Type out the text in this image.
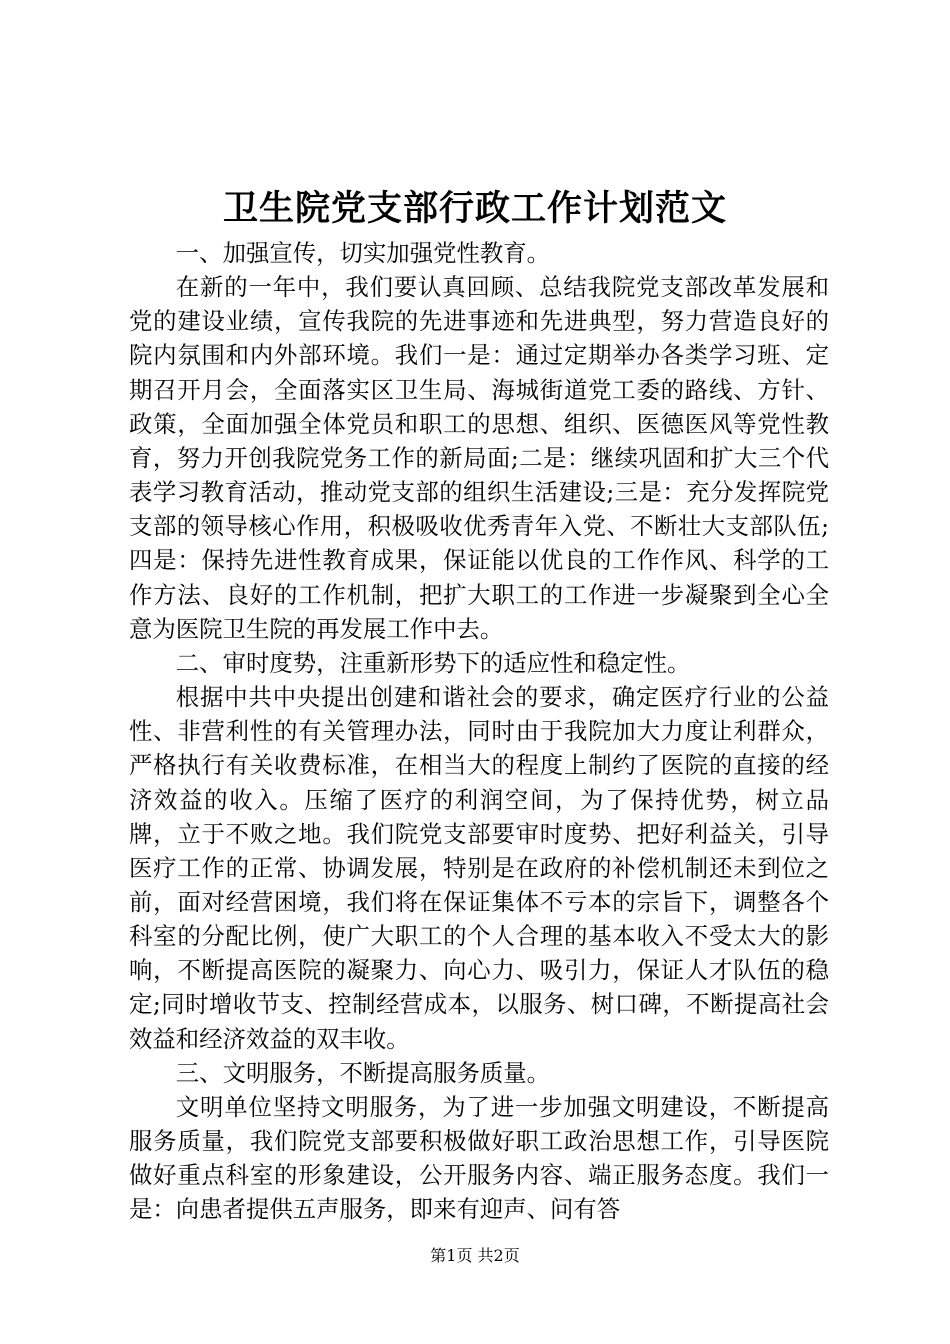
卫生院党支部行政工作计划范文

一、加强宣传，切实加强党性教育。

在新的一年中，我们要认真回顾、总结我院党支部改革发展和党的建设业绩，宣传我院的先进事迹和先进典型，努力营造良好的院内氛围和内外部环境。我们一是：通过定期举办各类学习班、定期召开月会，全面落实区卫生局、海城街道党工委的路线、方针、政策，全面加强全体党员和职工的思想、组织、医德医风等党性教育，努力开创我院党务工作的新局面;二是：继续巩固和扩大三个代表学习教育活动，推动党支部的组织生活建设;三是：充分发挥院党支部的领导核心作用，积极吸收优秀青年入党、不断壮大支部队伍;四是：保持先进性教育成果，保证能以优良的工作作风、科学的工作方法、良好的工作机制，把扩大职工的工作进一步凝聚到全心全意为医院卫生院的再发展工作中去。

二、审时度势，注重新形势下的适应性和稳定性。

根据中共中央提出创建和谐社会的要求，确定医疗行业的公益性、非营利性的有关管理办法，同时由于我院加大力度让利群众，严格执行有关收费标准，在相当大的程度上制约了医院的直接的经济效益的收入。压缩了医疗的利润空间，为了保持优势，树立品牌，立于不败之地。我们院党支部要审时度势、把好利益关，引导医疗工作的正常、协调发展，特别是在政府的补偿机制还未到位之前，面对经营困境，我们将在保证集体不亏本的宗旨下，调整各个科室的分配比例，使广大职工的个人合理的基本收入不受太大的影响，不断提高医院的凝聚力、向心力、吸引力，保证人才队伍的稳定;同时增收节支、控制经营成本，以服务、树口碑，不断提高社会效益和经济效益的双丰收。

三、文明服务，不断提高服务质量。

文明单位坚持文明服务，为了进一步加强文明建设，不断提高服务质量，我们院党支部要积极做好职工政治思想工作，引导医院做好重点科室的形象建设，公开服务内容、端正服务态度。我们一是：向患者提供五声服务，即来有迎声、问有答

第1页 共2页
